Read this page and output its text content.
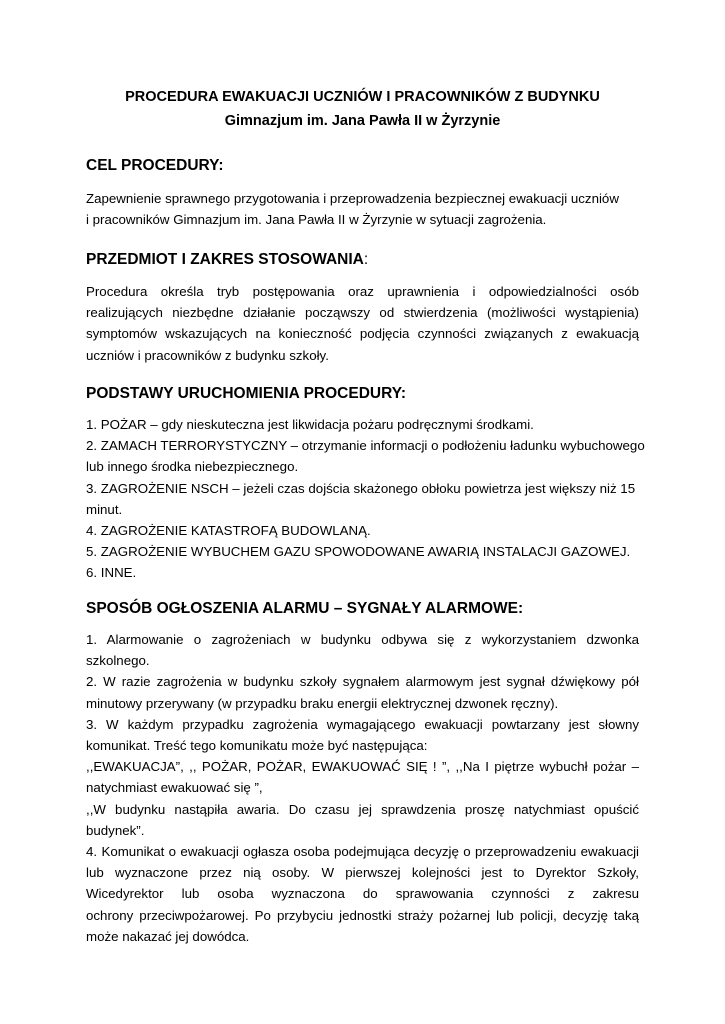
PROCEDURA EWAKUACJI UCZNIÓW I PRACOWNIKÓW Z BUDYNKU
Gimnazjum im. Jana Pawła II w Żyrzynie
CEL PROCEDURY:
Zapewnienie sprawnego przygotowania i przeprowadzenia bezpiecznej ewakuacji uczniów
i pracowników Gimnazjum im. Jana Pawła II w Żyrzynie w sytuacji zagrożenia.
PRZEDMIOT I ZAKRES STOSOWANIA:
Procedura określa tryb postępowania oraz uprawnienia i odpowiedzialności osób
realizujących niezbędne działanie począwszy od stwierdzenia (możliwości wystąpienia)
symptomów wskazujących na konieczność podjęcia czynności związanych z ewakuacją
uczniów i pracowników z budynku szkoły.
PODSTAWY URUCHOMIENIA PROCEDURY:
1. POŻAR – gdy nieskuteczna jest likwidacja pożaru podręcznymi środkami.
2. ZAMACH TERRORYSTYCZNY – otrzymanie informacji o podłożeniu ładunku wybuchowego
lub innego środka niebezpiecznego.
3. ZAGROŻENIE NSCH – jeżeli czas dojścia skażonego obłoku powietrza jest większy niż 15
minut.
4. ZAGROŻENIE KATASTROFĄ BUDOWLANĄ.
5. ZAGROŻENIE WYBUCHEM GAZU SPOWODOWANE AWARIĄ INSTALACJI GAZOWEJ.
6. INNE.
SPOSÓB OGŁOSZENIA ALARMU – SYGNAŁY ALARMOWE:
1. Alarmowanie o zagrożeniach w budynku odbywa się z wykorzystaniem dzwonka
szkolnego.
2. W razie zagrożenia w budynku szkoły sygnałem alarmowym jest sygnał dźwiękowy pół
minutowy przerywany (w przypadku braku energii elektrycznej dzwonek ręczny).
3. W każdym przypadku zagrożenia wymagającego ewakuacji powtarzany jest słowny
komunikat. Treść tego komunikatu może być następująca:
,,EWAKUACJA”, ,, POŻAR, POŻAR, EWAKUOWAĆ SIĘ ! ”, ,,Na I piętrze wybuchł pożar –
natychmiast ewakuować się ”,
,,W budynku nastąpiła awaria. Do czasu jej sprawdzenia proszę natychmiast opuścić
budynek”.
4. Komunikat o ewakuacji ogłasza osoba podejmująca decyzję o przeprowadzeniu ewakuacji
lub wyznaczone przez nią osoby. W pierwszej kolejności jest to Dyrektor Szkoły,
Wicedyrektor lub osoba wyznaczona do sprawowania czynności z zakresu
ochrony przeciwpożarowej. Po przybyciu jednostki straży pożarnej lub policji, decyzję taką
może nakazać jej dowódca.
